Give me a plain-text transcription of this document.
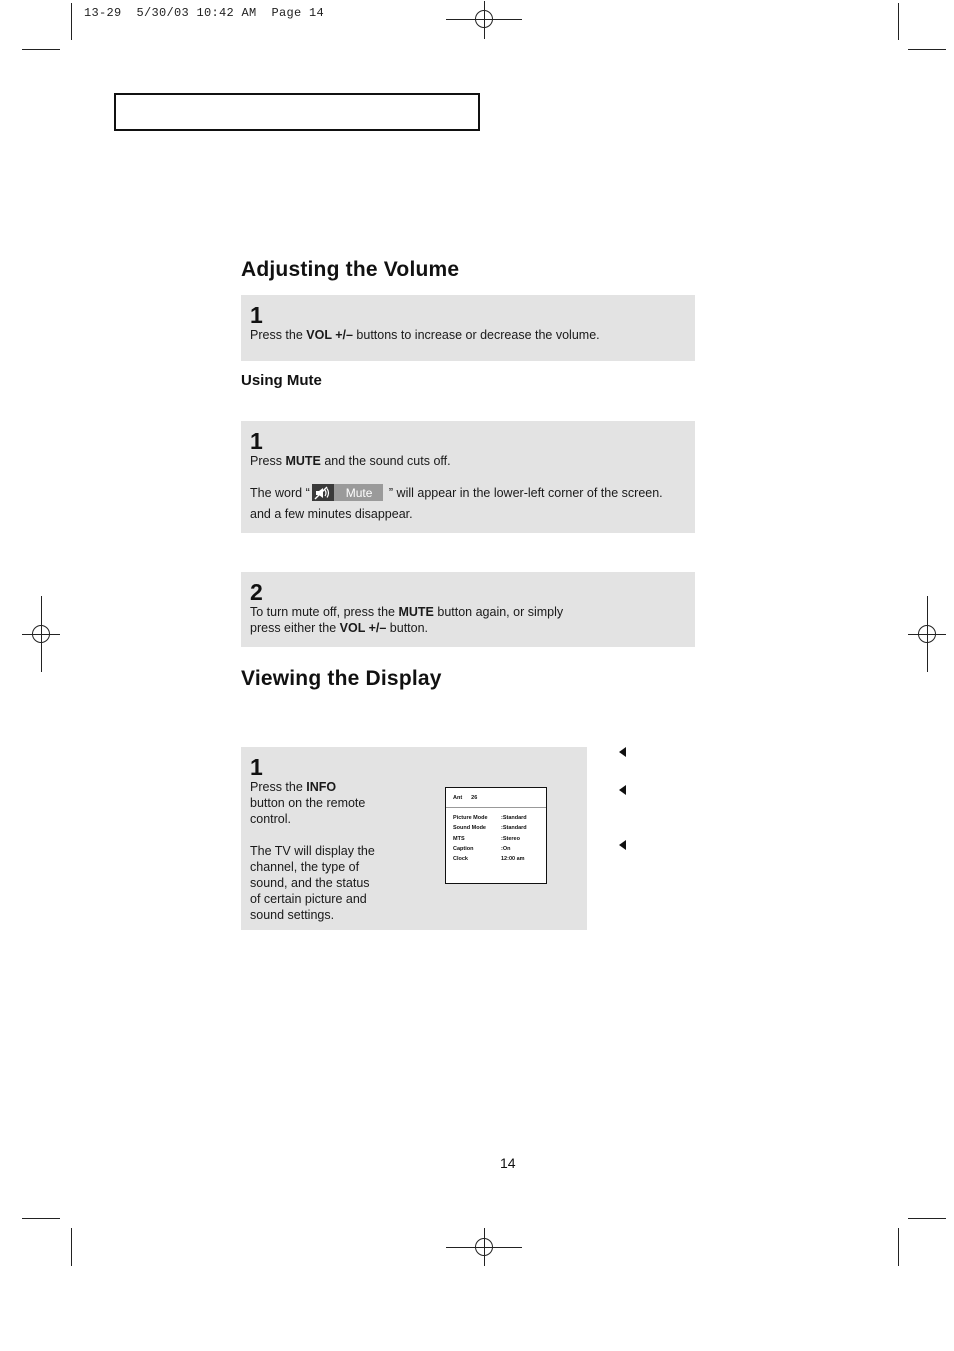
13-29  5/30/03 10:42 AM  Page 14
Adjusting the Volume
1

Press the VOL +/– buttons to increase or decrease the volume.

Using Mute
1

Press MUTE and the sound cuts off.

The word “	Mute	” will appear in the lower-left corner of the screen.

and a few minutes disappear.

2

To turn mute off, press the MUTE button again, or simply

press either the VOL +/– button.

Viewing the Display
1

Press the INFO

button on the remote

control.

The TV will display the

channel, the type of

sound, and the status

of certain picture and

sound settings.

Ant 26
Picture Mode	:Standard
Sound Mode	:Standard
MTS	:Stereo
Caption	:On
Clock	12:00 am
14
